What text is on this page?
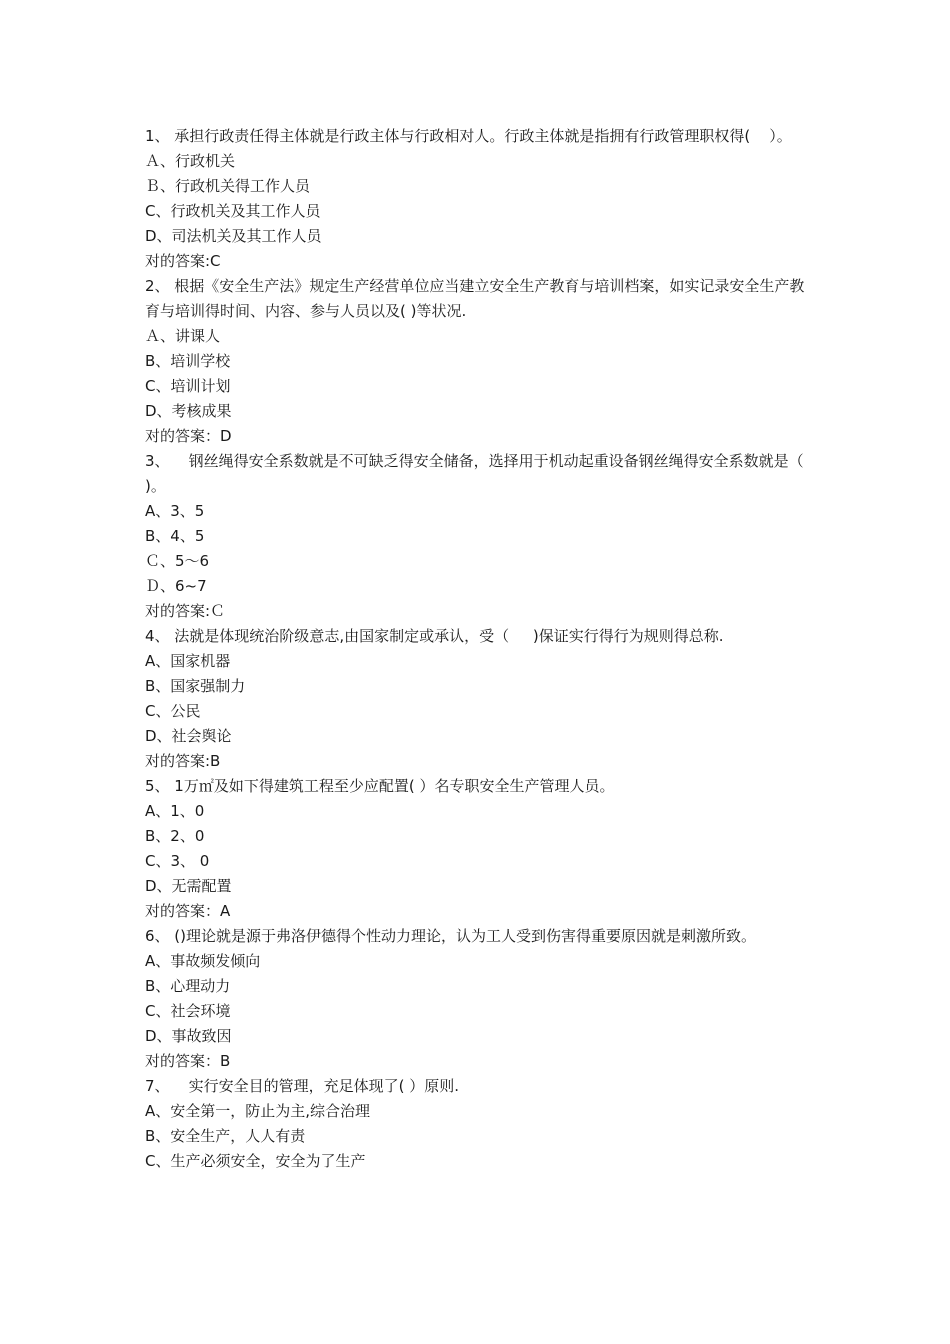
1、 承担行政责任得主体就是行政主体与行政相对人。行政主体就是指拥有行政管理职权得(    ）。

Ａ、行政机关

Ｂ、行政机关得工作人员

C、行政机关及其工作人员

D、司法机关及其工作人员

对的答案:C

2、 根据《安全生产法》规定生产经营单位应当建立安全生产教育与培训档案，如实记录安全生产教育与培训得时间、内容、参与人员以及( )等状况.

Ａ、讲课人

B、培训学校

C、培训计划

D、考核成果

对的答案：D

3、    钢丝绳得安全系数就是不可缺乏得安全储备，选择用于机动起重设备钢丝绳得安全系数就是（ )。

A、3、5

B、4、5

Ｃ、5～6

Ｄ、6~7

对的答案:Ｃ

4、 法就是体现统治阶级意志,由国家制定或承认，受（     )保证实行得行为规则得总称.

A、国家机器

B、国家强制力

C、公民

D、社会舆论

对的答案:B

5、 1万㎡及如下得建筑工程至少应配置( ）名专职安全生产管理人员。

A、1、0

B、2、0

C、3、 0

D、无需配置

对的答案：A

6、 ()理论就是源于弗洛伊德得个性动力理论，认为工人受到伤害得重要原因就是刺激所致。

A、事故频发倾向

B、心理动力

C、社会环境

D、事故致因

对的答案：B

7、    实行安全目的管理，充足体现了( ）原则.

A、安全第一，防止为主,综合治理

B、安全生产，人人有责

C、生产必须安全，安全为了生产
